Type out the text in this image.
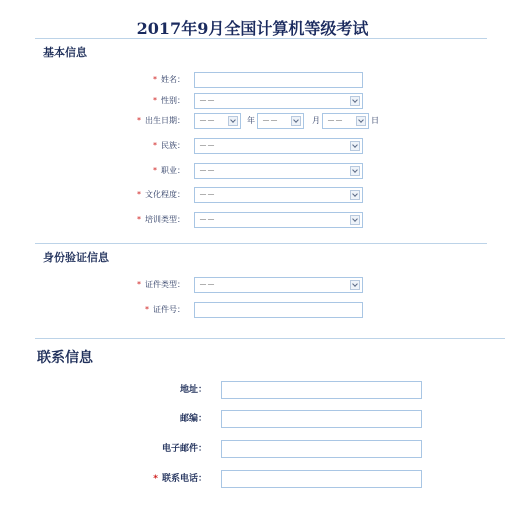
2017年9月全国计算机等级考试
基本信息
* 姓名：
* 性别： －－
* 出生日期： －－	年 －－	月 －－	日
* 民族： －－
* 职业： －－
* 文化程度： －－
* 培训类型： －－
身份验证信息
* 证件类型： －－
* 证件号：
联系信息
地址：
邮编：
电子邮件：
* 联系电话：
